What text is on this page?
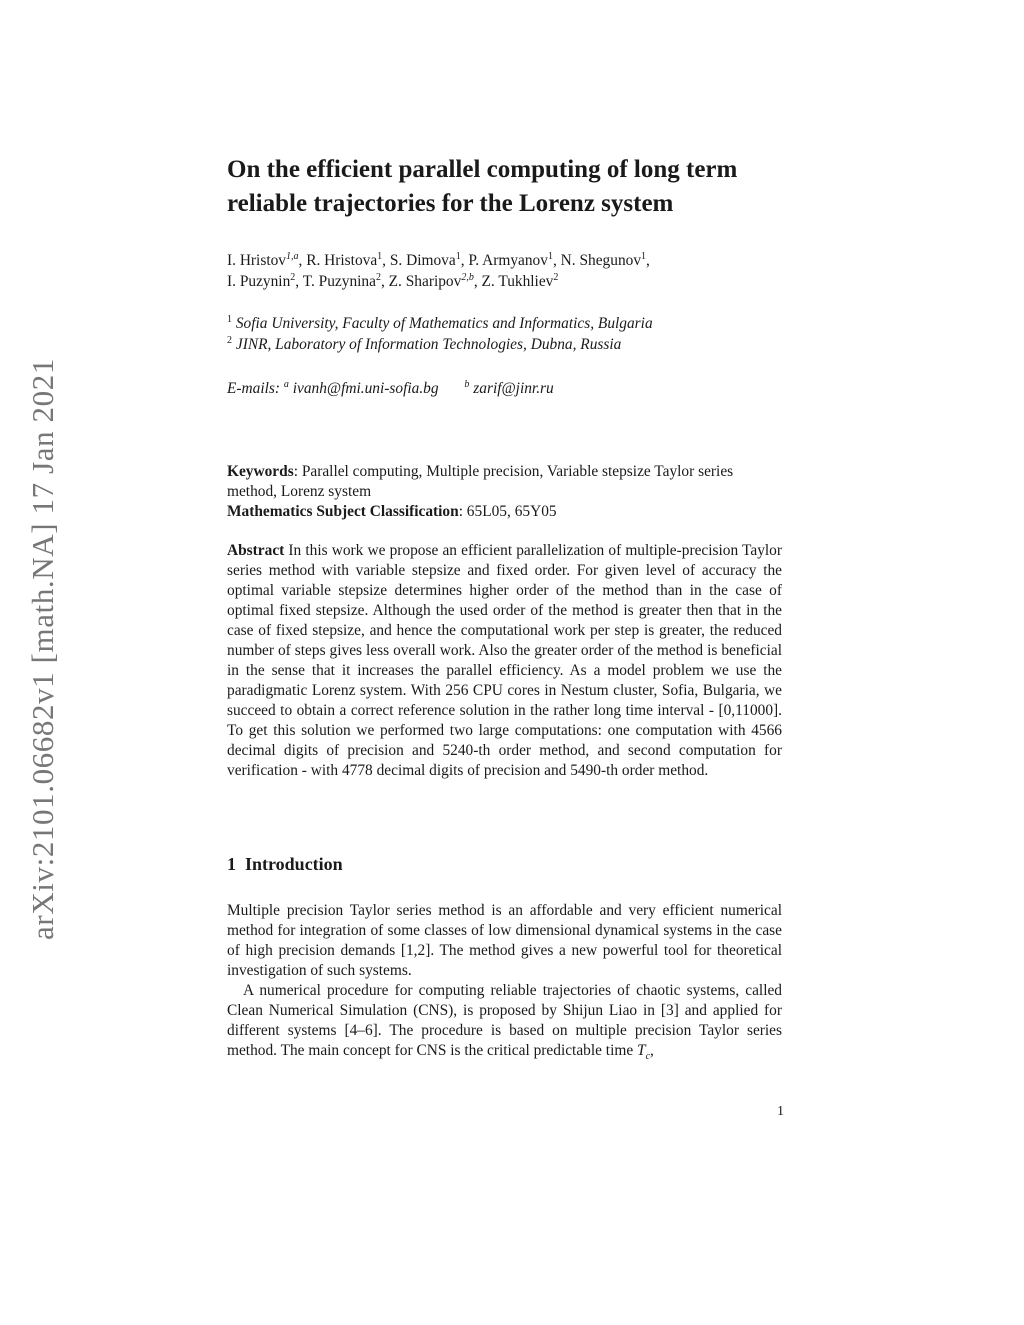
arXiv:2101.06682v1 [math.NA] 17 Jan 2021
On the efficient parallel computing of long term
reliable trajectories for the Lorenz system
I. Hristov$^{1,a}$, R. Hristova$^1$, S. Dimova$^1$, P. Armyanov$^1$, N. Shegunov$^1$,
I. Puzynin$^2$, T. Puzynina$^2$, Z. Sharipov$^{2,b}$, Z. Tukhliev$^2$
$^1$ Sofia University, Faculty of Mathematics and Informatics, Bulgaria
$^2$ JINR, Laboratory of Information Technologies, Dubna, Russia
E-mails: $^a$ ivanh@fmi.uni-sofia.bg	$^b$ zarif@jinr.ru
Keywords: Parallel computing, Multiple precision, Variable stepsize Taylor series method, Lorenz system
Mathematics Subject Classification: 65L05, 65Y05

Abstract In this work we propose an efficient parallelization of multiple-precision Taylor series method with variable stepsize and fixed order. For given level of accuracy the optimal variable stepsize determines higher order of the method than in the case of optimal fixed stepsize. Although the used order of the method is greater then that in the case of fixed stepsize, and hence the computational work per step is greater, the reduced number of steps gives less overall work. Also the greater order of the method is beneficial in the sense that it increases the parallel efficiency. As a model problem we use the paradigmatic Lorenz system. With 256 CPU cores in Nestum cluster, Sofia, Bulgaria, we succeed to obtain a correct reference solution in the rather long time interval - [0,11000]. To get this solution we performed two large computations: one computation with 4566 decimal digits of precision and 5240-th order method, and second computation for verification - with 4778 decimal digits of precision and 5490-th order method.

1 Introduction

Multiple precision Taylor series method is an affordable and very efficient numerical method for integration of some classes of low dimensional dynamical systems in the case of high precision demands [1,2]. The method gives a new powerful tool for theoretical investigation of such systems.

A numerical procedure for computing reliable trajectories of chaotic systems, called Clean Numerical Simulation (CNS), is proposed by Shijun Liao in [3] and applied for different systems [4–6]. The procedure is based on multiple precision Taylor series method. The main concept for CNS is the critical predictable time $T_c$,

1
